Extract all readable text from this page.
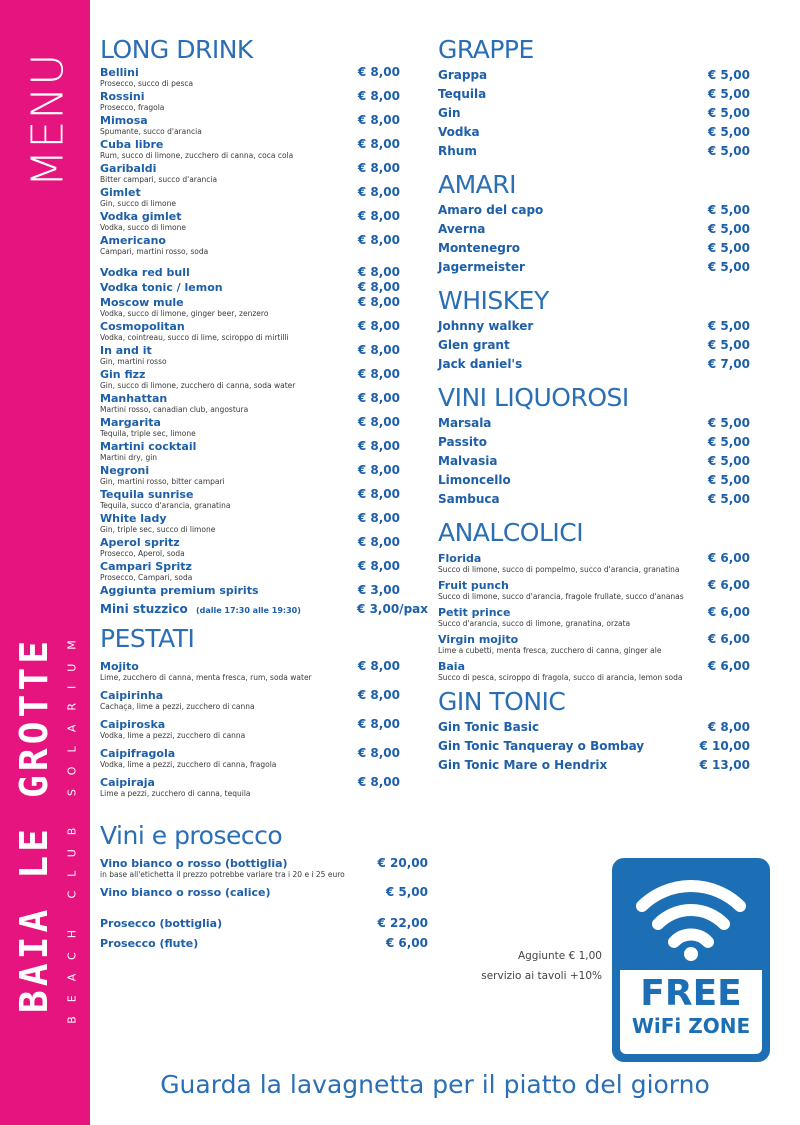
MENU
BAIA LE GROTTE BEACH CLUB SOLARIUM
LONG DRINK
Bellini	€ 8,00
Prosecco, succo di pesca
Rossini	€ 8,00
Prosecco, fragola
Mimosa	€ 8,00
Spumante, succo d'arancia
Cuba libre	€ 8,00
Rum, succo di limone, zucchero di canna, coca cola
Garibaldi	€ 8,00
Bitter campari, succo d'arancia
Gimlet	€ 8,00
Gin, succo di limone
Vodka gimlet	€ 8,00
Vodka, succo di limone
Americano	€ 8,00
Campari, martini rosso, soda
Vodka red bull	€ 8,00
Vodka tonic / lemon	€ 8,00
Moscow mule	€ 8,00
Vodka, succo di limone, ginger beer, zenzero
Cosmopolitan	€ 8,00
Vodka, cointreau, succo di lime, sciroppo di mirtilli
In and it	€ 8,00
Gin, martini rosso
Gin fizz	€ 8,00
Gin, succo di limone, zucchero di canna, soda water
Manhattan	€ 8,00
Martini rosso, canadian club, angostura
Margarita	€ 8,00
Tequila, triple sec, limone
Martini cocktail	€ 8,00
Martini dry, gin
Negroni	€ 8,00
Gin, martini rosso, bitter campari
Tequila sunrise	€ 8,00
Tequila, succo d'arancia, granatina
White lady	€ 8,00
Gin, triple sec, succo di limone
Aperol spritz	€ 8,00
Prosecco, Aperol, soda
Campari Spritz	€ 8,00
Prosecco, Campari, soda
Aggiunta premium spirits	€ 3,00
Mini stuzzico (dalle 17:30 alle 19:30)	€ 3,00/pax
PESTATI
Mojito	€ 8,00
Lime, zucchero di canna, menta fresca, rum, soda water
Caipirinha	€ 8,00
Cachaça, lime a pezzi, zucchero di canna
Caipiroska	€ 8,00
Vodka, lime a pezzi, zucchero di canna
Caipifragola	€ 8,00
Vodka, lime a pezzi, zucchero di canna, fragola
Caipiraja	€ 8,00
Lime a pezzi, zucchero di canna, tequila
Vini e prosecco
Vino bianco o rosso (bottiglia)	€ 20,00
in base all'etichetta il prezzo potrebbe variare tra i 20 e i 25 euro
Vino bianco o rosso (calice)	€ 5,00
Prosecco (bottiglia)	€ 22,00
Prosecco (flute)	€ 6,00
GRAPPE
Grappa	€ 5,00
Tequila	€ 5,00
Gin	€ 5,00
Vodka	€ 5,00
Rhum	€ 5,00
AMARI
Amaro del capo	€ 5,00
Averna	€ 5,00
Montenegro	€ 5,00
Jagermeister	€ 5,00
WHISKEY
Johnny walker	€ 5,00
Glen grant	€ 5,00
Jack daniel's	€ 7,00
VINI LIQUOROSI
Marsala	€ 5,00
Passito	€ 5,00
Malvasia	€ 5,00
Limoncello	€ 5,00
Sambuca	€ 5,00
ANALCOLICI
Florida	€ 6,00
Succo di limone, succo di pompelmo, succo d'arancia, granatina
Fruit punch	€ 6,00
Succo di limone, succo d'arancia, fragole frullate, succo d'ananas
Petit prince	€ 6,00
Succo d'arancia, succo di limone, granatina, orzata
Virgin mojito	€ 6,00
Lime a cubetti, menta fresca, zucchero di canna, ginger ale
Baia	€ 6,00
Succo di pesca, sciroppo di fragola, succo di arancia, lemon soda
GIN TONIC
Gin Tonic Basic	€ 8,00
Gin Tonic Tanqueray o Bombay	€ 10,00
Gin Tonic Mare o Hendrix	€ 13,00
Aggiunte € 1,00
servizio ai tavoli +10%	FREE
WiFi ZONE
Guarda la lavagnetta per il piatto del giorno
